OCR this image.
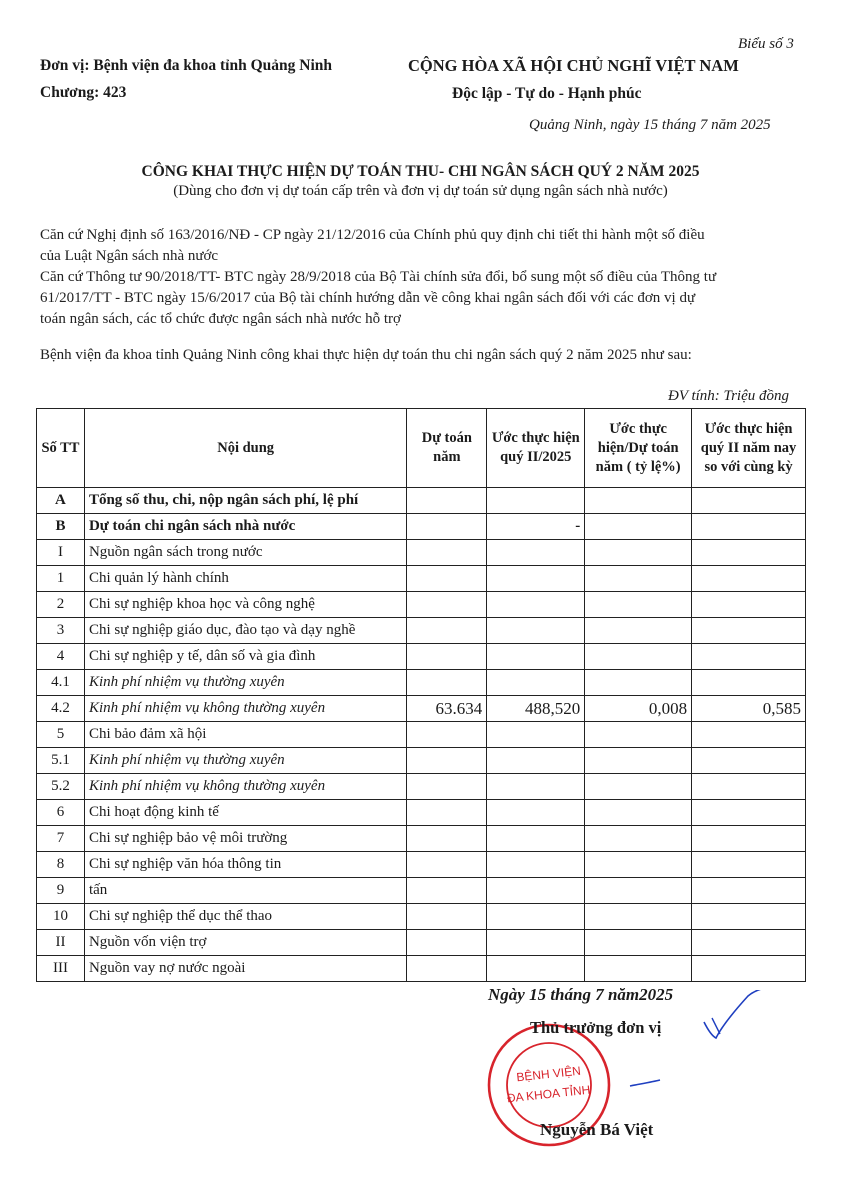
Biểu số 3
Đơn vị: Bệnh viện đa khoa tỉnh Quảng Ninh
Chương: 423
CỘNG HÒA XÃ HỘI CHỦ NGHĨ VIỆT NAM
Độc lập - Tự do - Hạnh phúc
Quảng Ninh, ngày 15 tháng 7 năm 2025
CÔNG KHAI THỰC HIỆN DỰ TOÁN THU- CHI NGÂN SÁCH QUÝ 2 NĂM 2025
(Dùng cho đơn vị dự toán cấp trên và đơn vị dự toán sử dụng ngân sách nhà nước)

Căn cứ Nghị định số 163/2016/NĐ - CP ngày 21/12/2016 của Chính phủ quy định chi tiết thi hành một số điều
của Luật Ngân sách nhà nước

Căn cứ Thông tư 90/2018/TT- BTC ngày 28/9/2018 của Bộ Tài chính sửa đổi, bổ sung một số điều của Thông tư
61/2017/TT - BTC ngày 15/6/2017 của Bộ tài chính hướng dẫn về công khai ngân sách đối với các đơn vị dự
toán ngân sách, các tổ chức được ngân sách nhà nước hỗ trợ

Bệnh viện đa khoa tỉnh Quảng Ninh công khai thực hiện dự toán thu chi ngân sách quý 2 năm 2025 như sau:

ĐV tính: Triệu đồng
Số TT	Nội dung	Dự toán năm	Ước thực hiện quý II/2025	Ước thực hiện/Dự toán năm ( tỷ lệ%)	Ước thực hiện quý II năm nay so với cùng kỳ
A	Tổng số thu, chi, nộp ngân sách phí, lệ phí				
B	Dự toán chi ngân sách nhà nước		-		
I	Nguồn ngân sách trong nước				
1	Chi quản lý hành chính				
2	Chi sự nghiệp khoa học và công nghệ				
3	Chi sự nghiệp giáo dục, đào tạo và dạy nghề				
4	Chi sự nghiệp y tế, dân số và gia đình				
4.1	Kinh phí nhiệm vụ thường xuyên				
4.2	Kinh phí nhiệm vụ không thường xuyên	63.634	488,520	0,008	0,585
5	Chi bảo đảm xã hội				
5.1	Kinh phí nhiệm vụ thường xuyên				
5.2	Kinh phí nhiệm vụ không thường xuyên				
6	Chi hoạt động kinh tế				
7	Chi sự nghiệp bảo vệ môi trường				
8	Chi sự nghiệp văn hóa thông tin				
9	tấn				
10	Chi sự nghiệp thể dục thể thao				
II	Nguồn vốn viện trợ				
III	Nguồn vay nợ nước ngoài				
Ngày 15 tháng 7 năm2025
BỆNH VIỆN
ĐA KHOA TỈNH
Thủ trưởng đơn vị
Nguyễn Bá Việt
